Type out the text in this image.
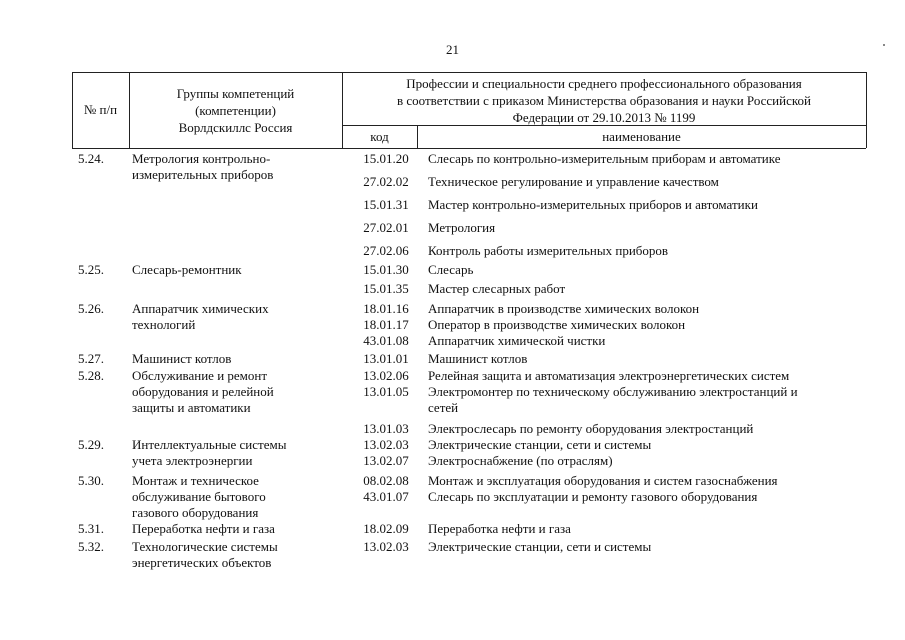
21
№ п/п
Группы компетенций
(компетенции)
Ворлдскиллс Россия
Профессии и специальности среднего профессионального образования
в соответствии с приказом Министерства образования и науки Российской
Федерации от 29.10.2013 № 1199
код	наименование
5.24.	Метрология контрольно-
измерительных приборов
15.01.20	Слесарь по контрольно-измерительным приборам и автоматике
27.02.02	Техническое регулирование и управление качеством
15.01.31	Мастер контрольно-измерительных приборов и автоматики
27.02.01	Метрология
27.02.06	Контроль работы измерительных приборов
5.25.	Слесарь-ремонтник	15.01.30	Слесарь
15.01.35	Мастер слесарных работ
5.26.	Аппаратчик химических
технологий
18.01.16	Аппаратчик в производстве химических волокон
18.01.17	Оператор в производстве химических волокон
43.01.08	Аппаратчик химической чистки
5.27.	Машинист котлов	13.01.01	Машинист котлов
5.28.	Обслуживание и ремонт
оборудования и релейной
защиты и автоматики
13.02.06	Релейная защита и автоматизация электроэнергетических систем
13.01.05	Электромонтер по техническому обслуживанию электростанций и
сетей
13.01.03	Электрослесарь по ремонту оборудования электростанций
5.29.	Интеллектуальные системы
учета электроэнергии
13.02.03	Электрические станции, сети и системы
13.02.07	Электроснабжение (по отраслям)
5.30.	Монтаж и техническое
обслуживание бытового
газового оборудования
08.02.08	Монтаж и эксплуатация оборудования и систем газоснабжения
43.01.07	Слесарь по эксплуатации и ремонту газового оборудования
5.31.	Переработка нефти и газа	18.02.09	Переработка нефти и газа
5.32.	Технологические системы
энергетических объектов
13.02.03	Электрические станции, сети и системы
